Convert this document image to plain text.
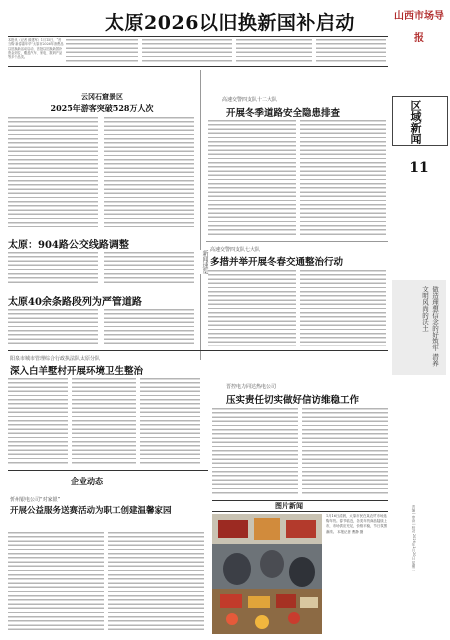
太原2026以旧换新国补启动	山西市场导报
本报讯（记者 薛建军）1月15日，“晋当购·新春嘉年华”太原市2026年消费品以旧换新活动启动，首批以旧换新国补资金到位，覆盖汽车、家电、数码产品等多个品类。
区域新闻
11
做造理想信念的好筑牢 潜养文明风尚的沃土
责编 | 审读 | 校对 2026年1月20日 星期二
云冈石窟景区
2025年游客突破528万人次
太原：904路公交线路调整
太原40余条路段列为严管道路
新闻速览
阳泉市城市管理综合行政执法队太原分队
深入白羊墅村开展环境卫生整治
企业动态
忻州银电公司“对家银”
开展公益服务送赛活动为职工创建温馨家园
高速交警四支队十二大队
开展冬季道路安全隐患排查
高速交警四支队七大队
多措并举开展冬春交通整治行动
晋控电力同达热电公司
压实责任切实做好信访维稳工作
图片新闻
1月16日清晨，太原市民在某农贸市场选购年货。春节临近，各类年货商品陆续上市，市场供应充足，价格平稳，节日氛围渐浓。 本报记者 曹静 摄
